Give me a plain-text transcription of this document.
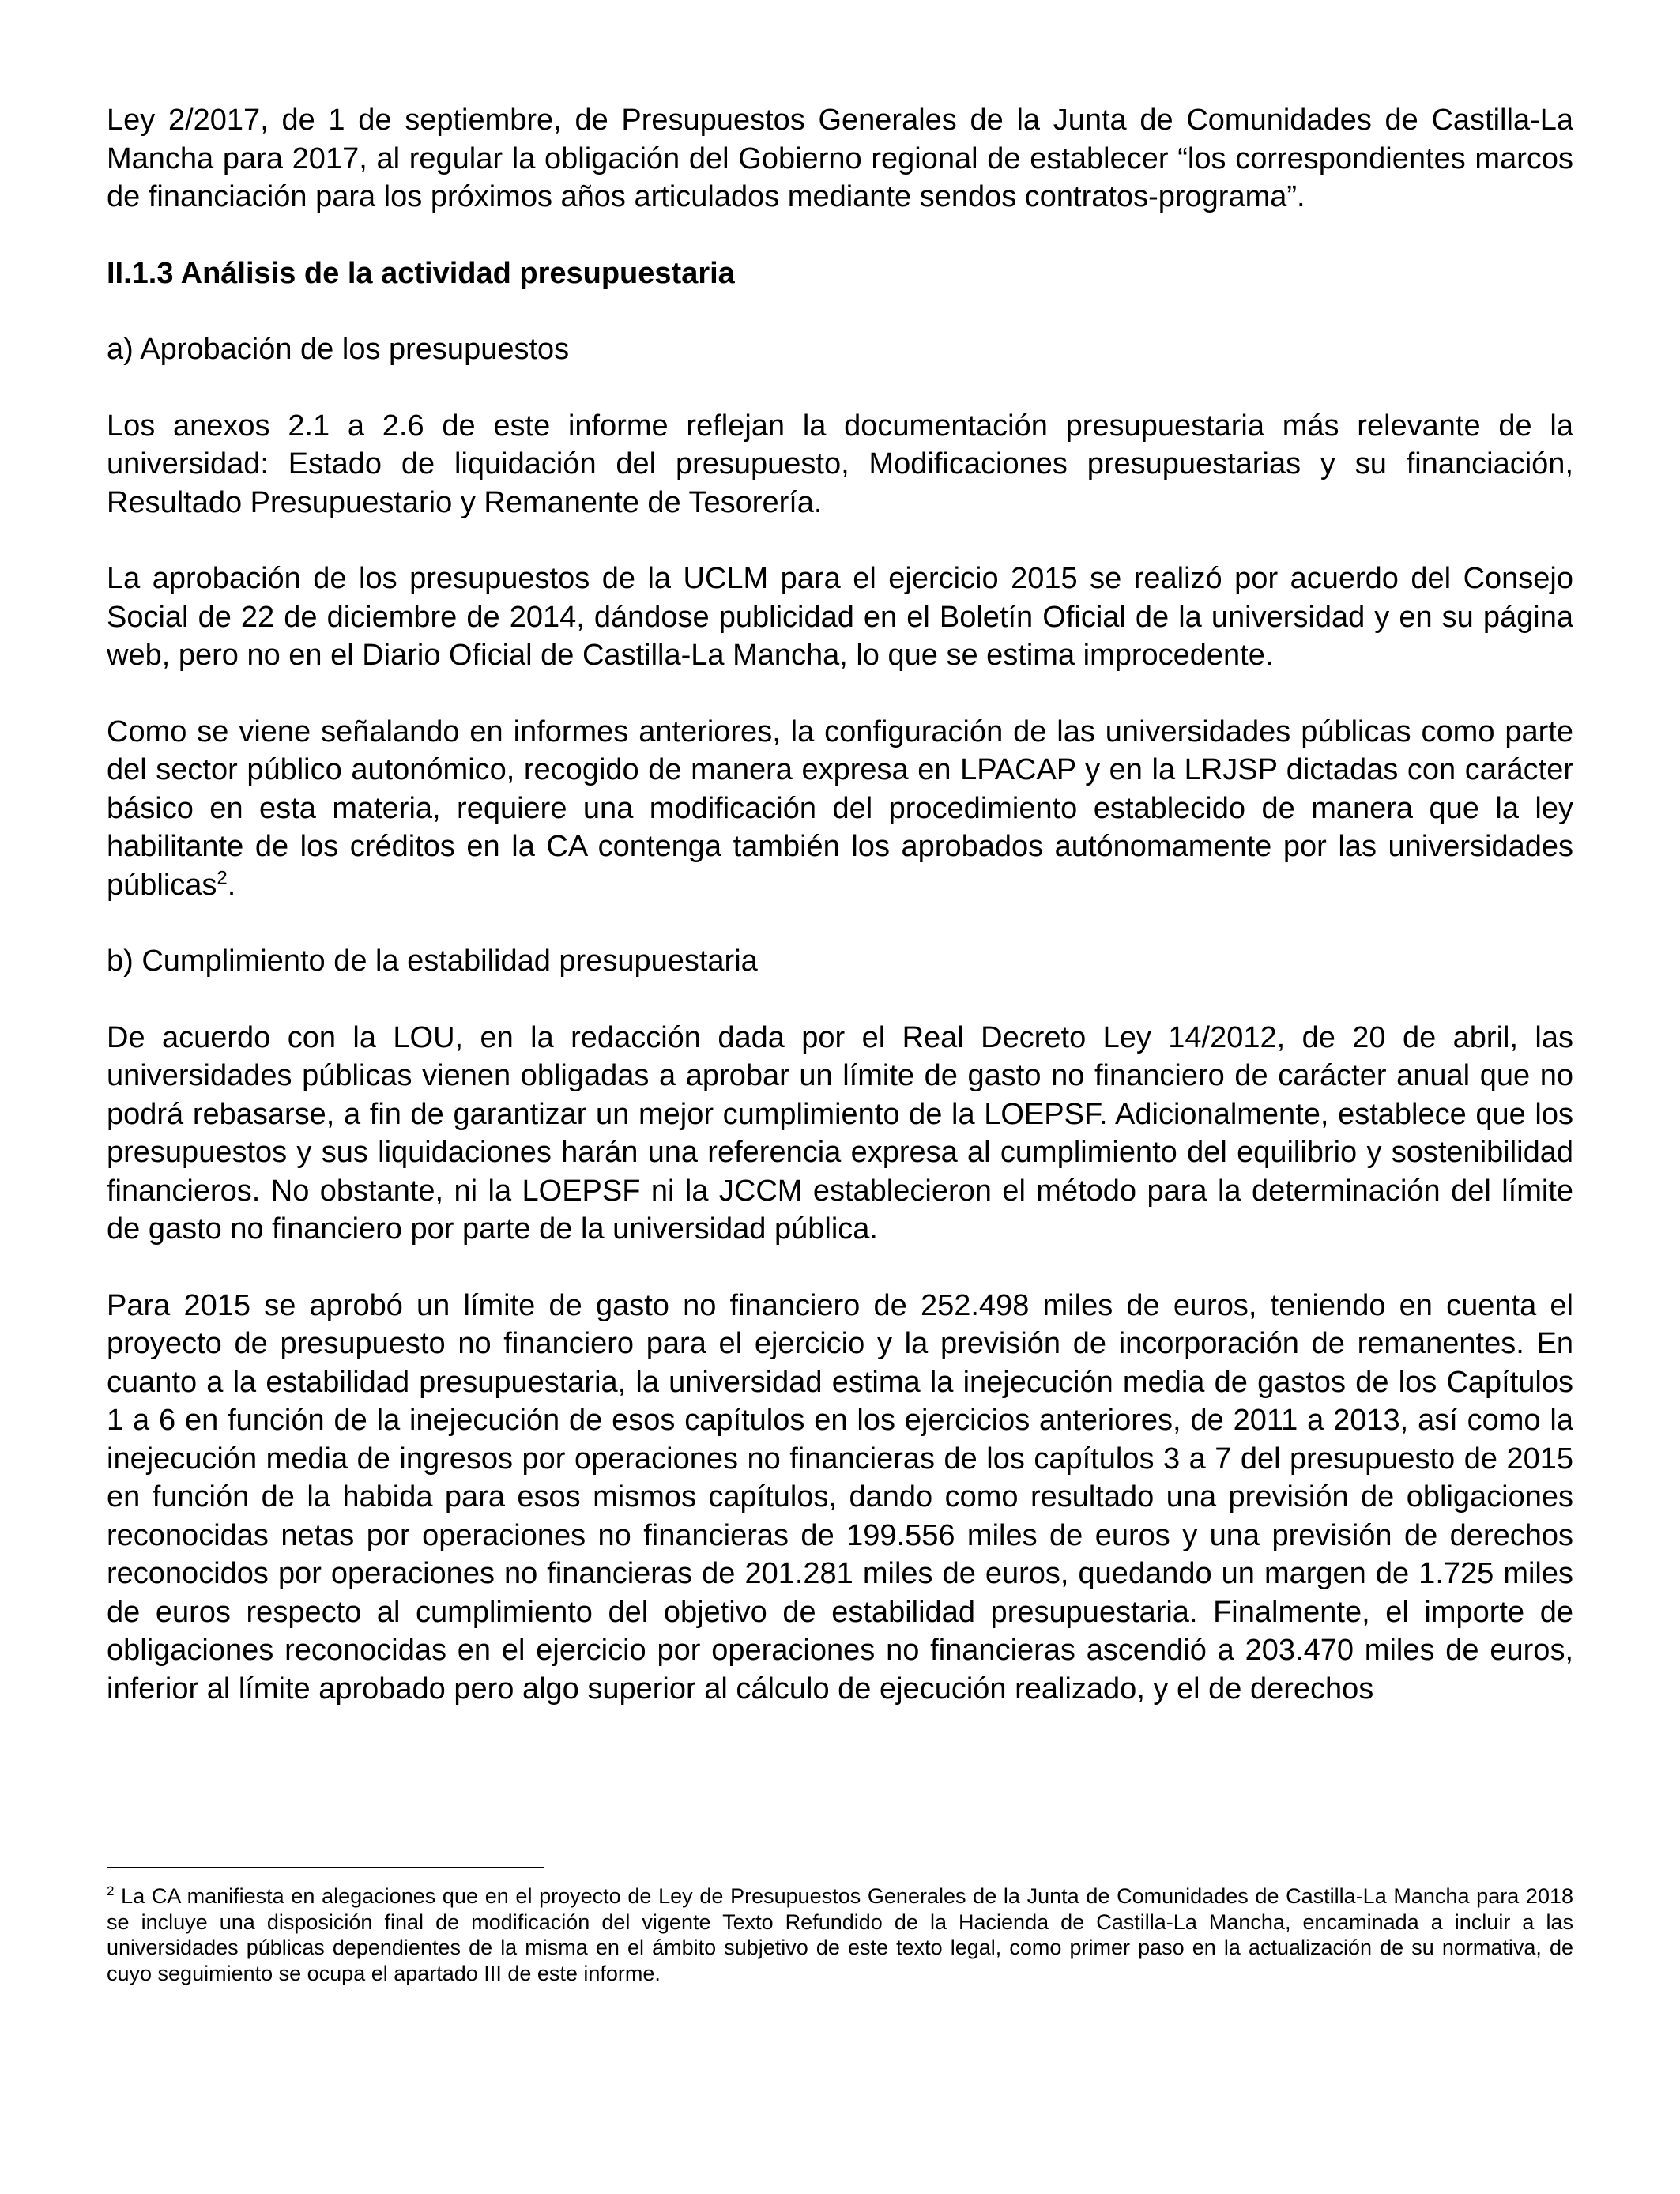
Ley 2/2017, de 1 de septiembre, de Presupuestos Generales de la Junta de Comunidades de Castilla-La Mancha para 2017, al regular la obligación del Gobierno regional de establecer “los correspondientes marcos de financiación para los próximos años articulados mediante sendos contratos-programa”.

II.1.3 Análisis de la actividad presupuestaria

a) Aprobación de los presupuestos

Los anexos 2.1 a 2.6 de este informe reflejan la documentación presupuestaria más relevante de la universidad: Estado de liquidación del presupuesto, Modificaciones presupuestarias y su financiación, Resultado Presupuestario y Remanente de Tesorería.

La aprobación de los presupuestos de la UCLM para el ejercicio 2015 se realizó por acuerdo del Consejo Social de 22 de diciembre de 2014, dándose publicidad en el Boletín Oficial de la universidad y en su página web, pero no en el Diario Oficial de Castilla-La Mancha, lo que se estima improcedente.

Como se viene señalando en informes anteriores, la configuración de las universidades públicas como parte del sector público autonómico, recogido de manera expresa en LPACAP y en la LRJSP dictadas con carácter básico en esta materia, requiere una modificación del procedimiento establecido de manera que la ley habilitante de los créditos en la CA contenga también los aprobados autónomamente por las universidades públicas$^2$.

b) Cumplimiento de la estabilidad presupuestaria

De acuerdo con la LOU, en la redacción dada por el Real Decreto Ley 14/2012, de 20 de abril, las universidades públicas vienen obligadas a aprobar un límite de gasto no financiero de carácter anual que no podrá rebasarse, a fin de garantizar un mejor cumplimiento de la LOEPSF. Adicionalmente, establece que los presupuestos y sus liquidaciones harán una referencia expresa al cumplimiento del equilibrio y sostenibilidad financieros. No obstante, ni la LOEPSF ni la JCCM establecieron el método para la determinación del límite de gasto no financiero por parte de la universidad pública.

Para 2015 se aprobó un límite de gasto no financiero de 252.498 miles de euros, teniendo en cuenta el proyecto de presupuesto no financiero para el ejercicio y la previsión de incorporación de remanentes. En cuanto a la estabilidad presupuestaria, la universidad estima la inejecución media de gastos de los Capítulos 1 a 6 en función de la inejecución de esos capítulos en los ejercicios anteriores, de 2011 a 2013, así como la inejecución media de ingresos por operaciones no financieras de los capítulos 3 a 7 del presupuesto de 2015 en función de la habida para esos mismos capítulos, dando como resultado una previsión de obligaciones reconocidas netas por operaciones no financieras de 199.556 miles de euros y una previsión de derechos reconocidos por operaciones no financieras de 201.281 miles de euros, quedando un margen de 1.725 miles de euros respecto al cumplimiento del objetivo de estabilidad presupuestaria. Finalmente, el importe de obligaciones reconocidas en el ejercicio por operaciones no financieras ascendió a 203.470 miles de euros, inferior al límite aprobado pero algo superior al cálculo de ejecución realizado, y el de derechos

$^2$ La CA manifiesta en alegaciones que en el proyecto de Ley de Presupuestos Generales de la Junta de Comunidades de Castilla-La Mancha para 2018 se incluye una disposición final de modificación del vigente Texto Refundido de la Hacienda de Castilla-La Mancha, encaminada a incluir a las universidades públicas dependientes de la misma en el ámbito subjetivo de este texto legal, como primer paso en la actualización de su normativa, de cuyo seguimiento se ocupa el apartado III de este informe.
